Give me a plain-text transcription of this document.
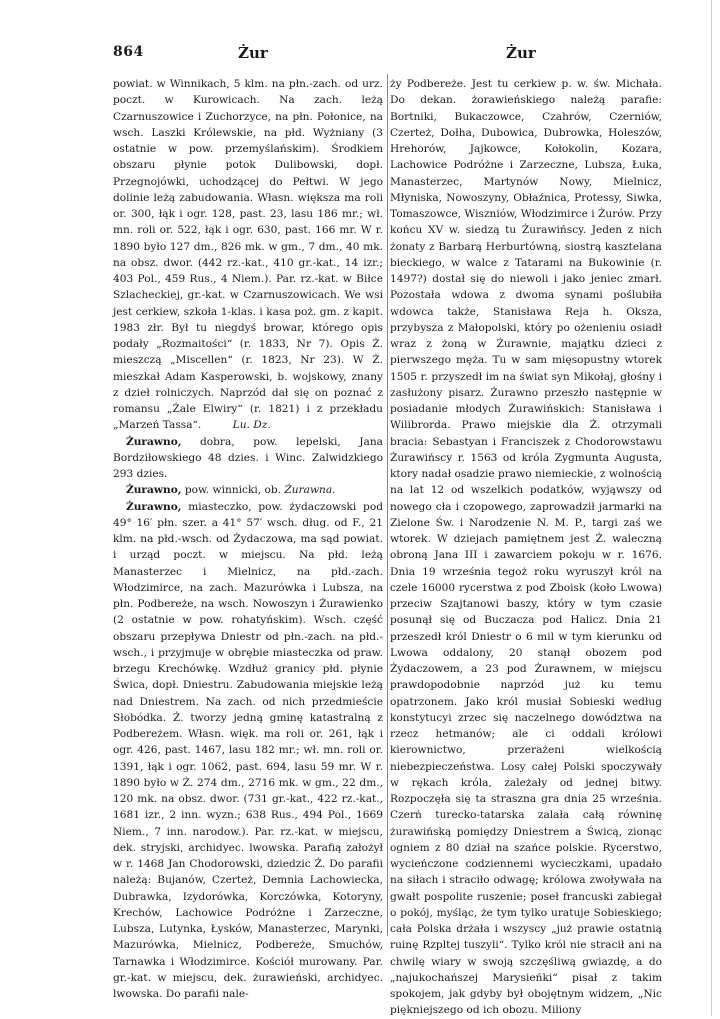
864	Żur	Żur

powiat. w Winnikach, 5 klm. na płn.-zach. od urz. poczt. w Kurowicach. Na zach. leżą Czarnuszowice i Zuchorzyce, na płn. Połonice, na wsch. Laszki Królewskie, na płd. Wyżniany (3 ostatnie w pow. przemyślańskim). Środkiem obszaru płynie potok Dulibowski, dopł. Przegnojówki, uchodzącej do Pełtwi. W jego dolinie leżą zabudowania. Własn. większa ma roli or. 300, łąk i ogr. 128, past. 23, lasu 186 mr.; wł. mn. roli or. 522, łąk i ogr. 630, past. 166 mr. W r. 1890 było 127 dm., 826 mk. w gm., 7 dm., 40 mk. na obsz. dwor. (442 rz.-kat., 410 gr.-kat., 14 izr.; 403 Pol., 459 Rus., 4 Niem.). Par. rz.-kat. w Biłce Szlacheckiej, gr.-kat. w Czarnuszowicach. We wsi jest cerkiew, szkoła 1-klas. i kasa poż. gm. z kapit. 1983 złr. Był tu niegdyś browar, którego opis podały „Rozmaitości“ (r. 1833, Nr 7). Opis Ż. mieszczą „Miscellen“ (r. 1823, Nr 23). W Ż. mieszkał Adam Kasperowski, b. wojskowy, znany z dzieł rolniczych. Naprzód dał się on poznać z romansu „Żale Elwiry“ (r. 1821) i z przekładu „Marzeń Tassa“.	Lu. Dz.

Żurawno, dobra, pow. lepelski, Jana Bordziłowskiego 48 dzies. i Winc. Zalwidzkiego 293 dzies.

Żurawno, pow. winnicki, ob. Żurawna.

Żurawno, miasteczko, pow. żydaczowski pod 49° 16′ płn. szer. a 41° 57′ wsch. dług. od F., 21 klm. na płd.-wsch. od Żydaczowa, ma sąd powiat. i urząd poczt. w miejscu. Na płd. leżą Manasterzec i Mielnicz, na płd.-zach. Włodzimirce, na zach. Mazurówka i Lubsza, na płn. Podbereże, na wsch. Nowoszyn i Żurawienko (2 ostatnie w pow. rohatyńskim). Wsch. część obszaru przepływa Dniestr od płn.-zach. na płd.-wsch., i przyjmuje w obrębie miasteczka od praw. brzegu Krechówkę. Wzdłuż granicy płd. płynie Świca, dopł. Dniestru. Zabudowania miejskie leżą nad Dniestrem. Na zach. od nich przedmieście Słobódka. Ż. tworzy jedną gminę katastralną z Podbereżem. Własn. więk. ma roli or. 261, łąk i ogr. 426, past. 1467, lasu 182 mr.; wł. mn. roli or. 1391, łąk i ogr. 1062, past. 694, lasu 59 mr. W r. 1890 było w Ż. 274 dm., 2716 mk. w gm., 22 dm., 120 mk. na obsz. dwor. (731 gr.-kat., 422 rz.-kat., 1681 izr., 2 inn. wyzn.; 638 Rus., 494 Pol., 1669 Niem., 7 inn. narodow.). Par. rz.-kat. w miejscu, dek. stryjski, archidyec. lwowska. Parafią założył w r. 1468 Jan Chodorowski, dziedzic Ż. Do parafii należą: Bujanów, Czerteż, Demnia Lachowiecka, Dubrawka, Izydorówka, Korczówka, Kotoryny, Krechów, Lachowice Podróżne i Zarzeczne, Lubsza, Lutynka, Łysków, Manasterzec, Marynki, Mazurówka, Mielnicz, Podbereże, Smuchów, Tarnawka i Włodzimirce. Kościół murowany. Par. gr.-kat. w miejscu, dek. żurawieński, archidyec. lwowska. Do parafii nale-

ży Podbereże. Jest tu cerkiew p. w. św. Michała. Do dekan. żorawieńskiego należą parafie: Bortniki, Bukaczowce, Czahrów, Czerniów, Czerteż, Dołha, Dubowica, Dubrowka, Holeszów, Hrehorów, Jajkowce, Kołokolin, Kozara, Lachowice Podróżne i Zarzeczne, Lubsza, Łuka, Manasterzec, Martynów Nowy, Mielnicz, Młyniska, Nowoszyny, Obłaźnica, Protessy, Siwka, Tomaszowce, Wiszniów, Włodzimirce i Żurów. Przy końcu XV w. siedzą tu Żurawińscy. Jeden z nich żonaty z Barbarą Herburtówną, siostrą kasztelana bieckiego, w walce z Tatarami na Bukowinie (r. 1497?) dostał się do niewoli i jako jeniec zmarł. Pozostała wdowa z dwoma synami poślubiła wdowca także, Stanisława Reja h. Oksza, przybysza z Małopolski, który po ożenieniu osiadł wraz z żoną w Żurawnie, majątku dzieci z pierwszego męża. Tu w sam mięsopustny wtorek 1505 r. przyszedł im na świat syn Mikołaj, głośny i zasłużony pisarz. Żurawno przeszło następnie w posiadanie młodych Żurawińskich: Stanisława i Wilibrorda. Prawo miejskie dla Ż. otrzymali bracia: Sebastyan i Franciszek z Chodorowstawu Żurawińscy r. 1563 od króla Zygmunta Augusta, ktory nadał osadzie prawo niemieckie, z wolnością na lat 12 od wszelkich podatków, wyjąwszy od nowego cła i czopowego, zaprowadził jarmarki na Zielone Św. i Narodzenie N. M. P., targi zaś we wtorek. W dziejach pamiętnem jest Ż. waleczną obroną Jana III i zawarciem pokoju w r. 1676. Dnia 19 września tegoż roku wyruszył król na czele 16000 rycerstwa z pod Zboisk (koło Lwowa) przeciw Szajtanowi baszy, który w tym czasie posunął się od Buczacza pod Halicz. Dnia 21 przeszedł król Dniestr o 6 mil w tym kierunku od Lwowa oddalony, 20 stanął obozem pod Żydaczowem, a 23 pod Żurawnem, w miejscu prawdopodobnie naprzód już ku temu opatrzonem. Jako król musiał Sobieski według konstytucyi zrzec się naczelnego dowództwa na rzecz hetmanów; ale ci oddali królowi kierownictwo, przerażeni wielkością niebezpieczeństwa. Losy całej Polski spoczywały w rękach króla, zależały od jednej bitwy. Rozpoczęła się ta straszna gra dnia 25 września. Czerń turecko-tatarska zalała całą równinę żurawińską pomiędzy Dniestrem a Świcą, zionąc ogniem z 80 dział na szańce polskie. Rycerstwo, wycieńczone codziennemi wycieczkami, upadało na siłach i straciło odwagę; królowa zwoływała na gwałt pospolite ruszenie; poseł francuski zabiegał o pokój, myśląc, że tym tylko uratuje Sobieskiego; cała Polska drżała i wszyscy „już prawie ostatnią ruinę Rzpltej tuszyli“. Tylko król nie stracił ani na chwilę wiary w swoją szczęśliwą gwiazdę, a do „najukochańszej Marysieńki“ pisał z takim spokojem, jak gdyby był obojętnym widzem, „Nic piękniejszego od ich obozu. Miliony
